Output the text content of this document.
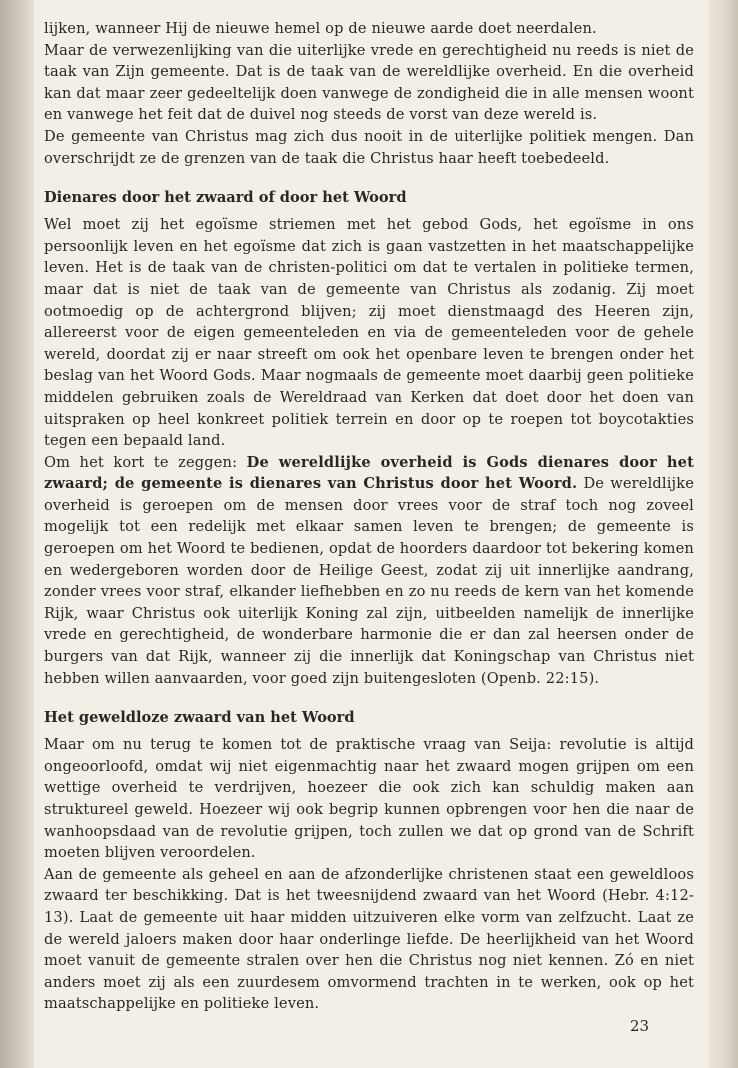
lijken, wanneer Hij de nieuwe hemel op de nieuwe aarde doet neerdalen.

Maar de verwezenlijking van die uiterlijke vrede en gerechtigheid nu reeds is niet de taak van Zijn gemeente. Dat is de taak van de wereldlijke overheid. En die overheid kan dat maar zeer gedeeltelijk doen vanwege de zondigheid die in alle mensen woont en vanwege het feit dat de duivel nog steeds de vorst van deze wereld is.

De gemeente van Christus mag zich dus nooit in de uiterlijke politiek mengen. Dan overschrijdt ze de grenzen van de taak die Christus haar heeft toebedeeld.

Dienares door het zwaard of door het Woord

Wel moet zij het egoïsme striemen met het gebod Gods, het egoïsme in ons persoonlijk leven en het egoïsme dat zich is gaan vastzetten in het maatschappelijke leven. Het is de taak van de christen-politici om dat te vertalen in politieke termen, maar dat is niet de taak van de gemeente van Christus als zodanig. Zij moet ootmoedig op de achtergrond blijven; zij moet dienstmaagd des Heeren zijn, allereerst voor de eigen gemeenteleden en via de gemeenteleden voor de gehele wereld, doordat zij er naar streeft om ook het openbare leven te brengen onder het beslag van het Woord Gods. Maar nogmaals de gemeente moet daarbij geen politieke middelen gebruiken zoals de Wereldraad van Kerken dat doet door het doen van uitspraken op heel konkreet politiek terrein en door op te roepen tot boycotakties tegen een bepaald land.

Om het kort te zeggen: De wereldlijke overheid is Gods dienares door het zwaard; de gemeente is dienares van Christus door het Woord. De wereldlijke overheid is geroepen om de mensen door vrees voor de straf toch nog zoveel mogelijk tot een redelijk met elkaar samen leven te brengen; de gemeente is geroepen om het Woord te bedienen, opdat de hoorders daardoor tot bekering komen en wedergeboren worden door de Heilige Geest, zodat zij uit innerlijke aandrang, zonder vrees voor straf, elkander liefhebben en zo nu reeds de kern van het komende Rijk, waar Christus ook uiterlijk Koning zal zijn, uitbeelden namelijk de innerlijke vrede en gerechtigheid, de wonderbare harmonie die er dan zal heersen onder de burgers van dat Rijk, wanneer zij die innerlijk dat Koningschap van Christus niet hebben willen aanvaarden, voor goed zijn buitengesloten (Openb. 22:15).

Het geweldloze zwaard van het Woord

Maar om nu terug te komen tot de praktische vraag van Seija: revolutie is altijd ongeoorloofd, omdat wij niet eigenmachtig naar het zwaard mogen grijpen om een wettige overheid te verdrijven, hoezeer die ook zich kan schuldig maken aan struktureel geweld. Hoezeer wij ook begrip kunnen opbrengen voor hen die naar de wanhoopsdaad van de revolutie grijpen, toch zullen we dat op grond van de Schrift moeten blijven veroordelen.

Aan de gemeente als geheel en aan de afzonderlijke christenen staat een geweldloos zwaard ter beschikking. Dat is het tweesnijdend zwaard van het Woord (Hebr. 4:12-13). Laat de gemeente uit haar midden uitzuiveren elke vorm van zelfzucht. Laat ze de wereld jaloers maken door haar onderlinge liefde. De heerlijkheid van het Woord moet vanuit de gemeente stralen over hen die Christus nog niet kennen. Zó en niet anders moet zij als een zuurdesem omvormend trachten in te werken, ook op het maatschappelijke en politieke leven.

23
